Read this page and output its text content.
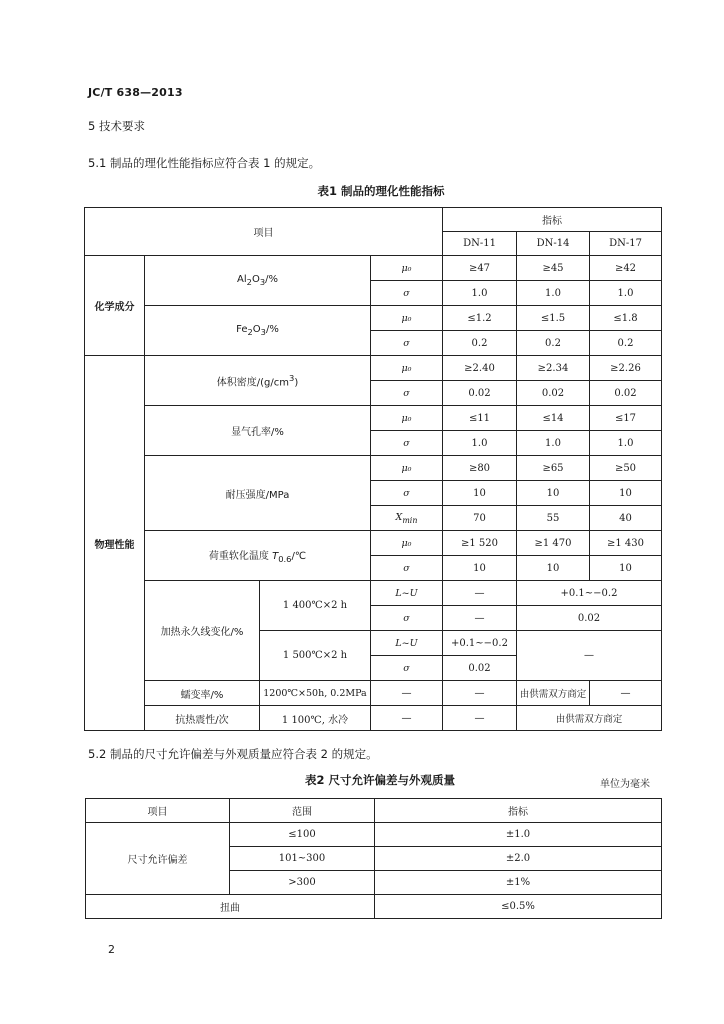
JC/T 638—2013
5 技术要求
5.1 制品的理化性能指标应符合表 1 的规定。
表1 制品的理化性能指标
项目				指标		
				DN-11	DN-14	DN-17
化学成分	$Al_2O_3/\%$		μ₀	≥47	≥45	≥42
			σ	1.0	1.0	1.0
	$Fe_2O_3/\%$		μ₀	≤1.2	≤1.5	≤1.8
			σ	0.2	0.2	0.2
物理性能	体积密度$/(g/cm^3)$		μ₀	≥2.40	≥2.34	≥2.26
			σ	0.02	0.02	0.02
	显气孔率/%		μ₀	≤11	≤14	≤17
			σ	1.0	1.0	1.0
	耐压强度/MPa		μ₀	≥80	≥65	≥50
			σ	10	10	10
			$X_{min}$	70	55	40
	荷重软化温度 $T_{0.6}/℃$		μ₀	≥1 520	≥1 470	≥1 430
			σ	10	10	10
	加热永久线变化/%	1 400℃×2 h	L~U	—	+0.1~−0.2	
			σ	—	0.02	
		1 500℃×2 h	L~U	+0.1~−0.2	—	
			σ	0.02		
	蠕变率/%	1200℃×50h, 0.2MPa	—	—	由供需双方商定	—
	抗热震性/次	1 100℃, 水冷	—	—	由供需双方商定	
5.2 制品的尺寸允许偏差与外观质量应符合表 2 的规定。
表2 尺寸允许偏差与外观质量	单位为毫米
项目	范围	指标
尺寸允许偏差	≤100	±1.0
	101~300	±2.0
	>300	±1%
扭曲		≤0.5%
2
